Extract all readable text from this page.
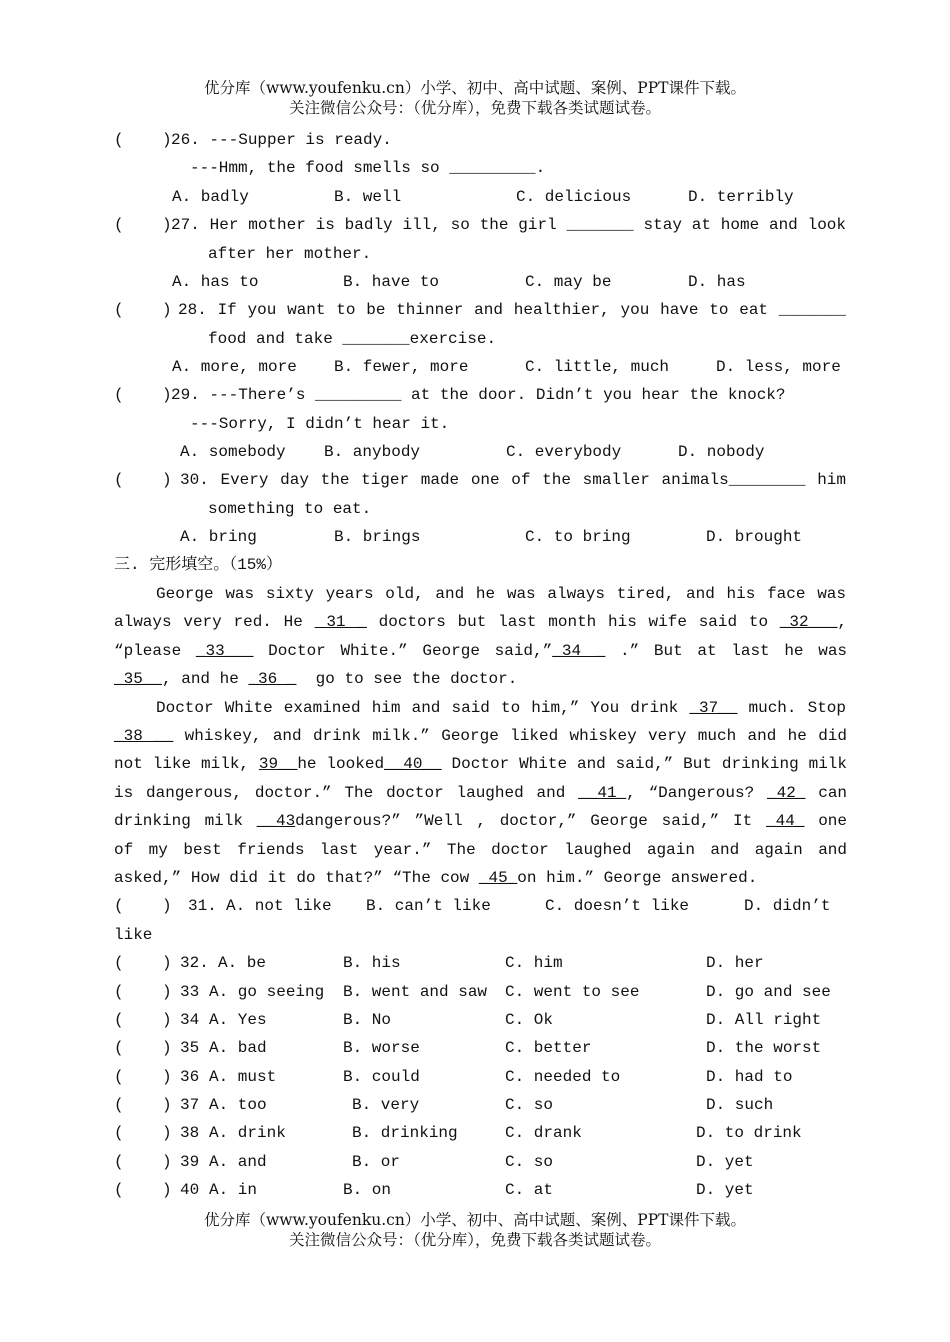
优分库（www.youfenku.cn）小学、初中、高中试题、案例、PPT课件下载。
关注微信公众号：（优分库），免费下载各类试题试卷。
(    ) 26. ---Supper is ready.
---Hmm, the food smells so _________.
A. badly	B. well	C. delicious	D. terribly
(    ) 27. Her mother is badly ill, so the girl _______ stay at home and look
after her mother.
A. has to	B. have to	C. may be	D. has
(    ) 28. If you want to be thinner and healthier, you have to eat _______
food and take _______exercise.
A. more, more B. fewer, more	C. little, much	D. less, more
(    ) 29. ---There’s _________ at the door. Didn’t you hear the knock?
---Sorry, I didn’t hear it.
A. somebody B. anybody	C. everybody	D. nobody
(    ) 30. Every day the tiger made one of the smaller animals________ him
something to eat.
A. bring	B. brings	C. to bring	D. brought
三. 完形填空。（15%）
George was sixty years old, and he was always tired, and his face was
always very red. He  31 _ doctors but last month his wife said to _32___,
“please _33___ Doctor White.” George said,”_34 _ .” But at last he was
_35__, and he _36 _  go to see the doctor.
Doctor White examined him and said to him,” You drink _37__ much. Stop
_38 __ whiskey, and drink milk.” George liked whiskey very much and he did
not like milk, 39__he looked__40__ Doctor White and said,” But drinking milk
is dangerous, doctor.” The doctor laughed and __41_, “Dangerous? _42_ can
drinking milk __43dangerous?” ”Well , doctor,” George said,” It _44_ one
of my best friends last year.” The doctor laughed again and again and
asked,” How did it do that?” “The cow _45_on him.” George answered.
(    ) 31. A. not like B. can’t like	C. doesn’t like	D. didn’t
like
(    ) 32. A. be	B. his	C. him	D. her
(    ) 33 A. go seeing B. went and saw C. went to see	D. go and see
(    ) 34 A. Yes	B. No	C. Ok	D. All right
(    ) 35 A. bad	B. worse	C. better	D. the worst
(    ) 36 A. must	B. could	C. needed to	D. had to
(    ) 37 A. too	B. very	C. so	D. such
(    ) 38 A. drink	B. drinking	C. drank	D. to drink
(    ) 39 A. and	B. or	C. so	D. yet
(    ) 40 A. in	B. on	C. at	D. yet
优分库（www.youfenku.cn）小学、初中、高中试题、案例、PPT课件下载。
关注微信公众号：（优分库），免费下载各类试题试卷。
